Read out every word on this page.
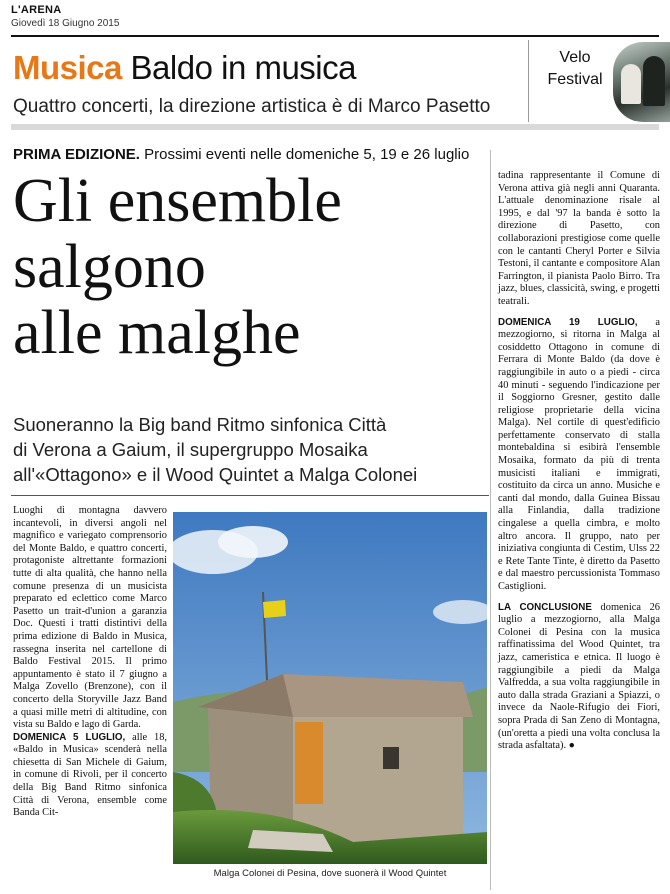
L'ARENA
Giovedì 18 Giugno 2015
Musica Baldo in musica
Quattro concerti, la direzione artistica è di Marco Pasetto
Velo
Festival
PRIMA EDIZIONE. Prossimi eventi nelle domeniche 5, 19 e 26 luglio
Gli ensemble
salgono
alle malghe
Suoneranno la Big band Ritmo sinfonica Città
di Verona a Gaium, il supergruppo Mosaika
all'«Ottagono» e il Wood Quintet a Malga Colonei

Luoghi di montagna davvero incantevoli, in diversi angoli nel magnifico e variegato comprensorio del Monte Baldo, e quattro concerti, protagoniste altrettante formazioni tutte di alta qualità, che hanno nella comune presenza di un musicista preparato ed eclettico come Marco Pasetto un trait-d'union a garanzia Doc. Questi i tratti distintivi della prima edizione di Baldo in Musica, rassegna inserita nel cartellone di Baldo Festival 2015. Il primo appuntamento è stato il 7 giugno a Malga Zovello (Brenzone), con il concerto della Storyville Jazz Band a quasi mille metri di altitudine, con vista su Baldo e lago di Garda.

DOMENICA 5 LUGLIO, alle 18, «Baldo in Musica» scenderà nella chiesetta di San Michele di Gaium, in comune di Rivoli, per il concerto della Big Band Ritmo sinfonica Città di Verona, ensemble come Banda Cit-

Malga Colonei di Pesina, dove suonerà il Wood Quintet

tadina rappresentante il Comune di Verona attiva già negli anni Quaranta. L'attuale denominazione risale al 1995, e dal '97 la banda è sotto la direzione di Pasetto, con collaborazioni prestigiose come quelle con le cantanti Cheryl Porter e Silvia Testoni, il cantante e compositore Alan Farrington, il pianista Paolo Birro. Tra jazz, blues, classicità, swing, e progetti teatrali.

DOMENICA 19 LUGLIO, a mezzogiorno, si ritorna in Malga al cosiddetto Ottagono in comune di Ferrara di Monte Baldo (da dove è raggiungibile in auto o a piedi - circa 40 minuti - seguendo l'indicazione per il Soggiorno Gresner, gestito dalle religiose proprietarie della vicina Malga). Nel cortile di quest'edificio perfettamente conservato di stalla montebaldina si esibirà l'ensemble Mosaika, formato da più di trenta musicisti italiani e immigrati, costituito da circa un anno. Musiche e canti dal mondo, dalla Guinea Bissau alla Finlandia, dalla tradizione cingalese a quella cimbra, e molto altro ancora. Il gruppo, nato per iniziativa congiunta di Cestim, Ulss 22 e Rete Tante Tinte, è diretto da Pasetto e dal maestro percussionista Tommaso Castiglioni.

LA CONCLUSIONE domenica 26 luglio a mezzogiorno, alla Malga Colonei di Pesina con la musica raffinatissima del Wood Quintet, tra jazz, cameristica e etnica. Il luogo è raggiungibile a piedi da Malga Valfredda, a sua volta raggiungibile in auto dalla strada Graziani a Spiazzi, o invece da Naole-Rifugio dei Fiori, sopra Prada di San Zeno di Montagna, (un'oretta a piedi una volta conclusa la strada asfaltata). ●
